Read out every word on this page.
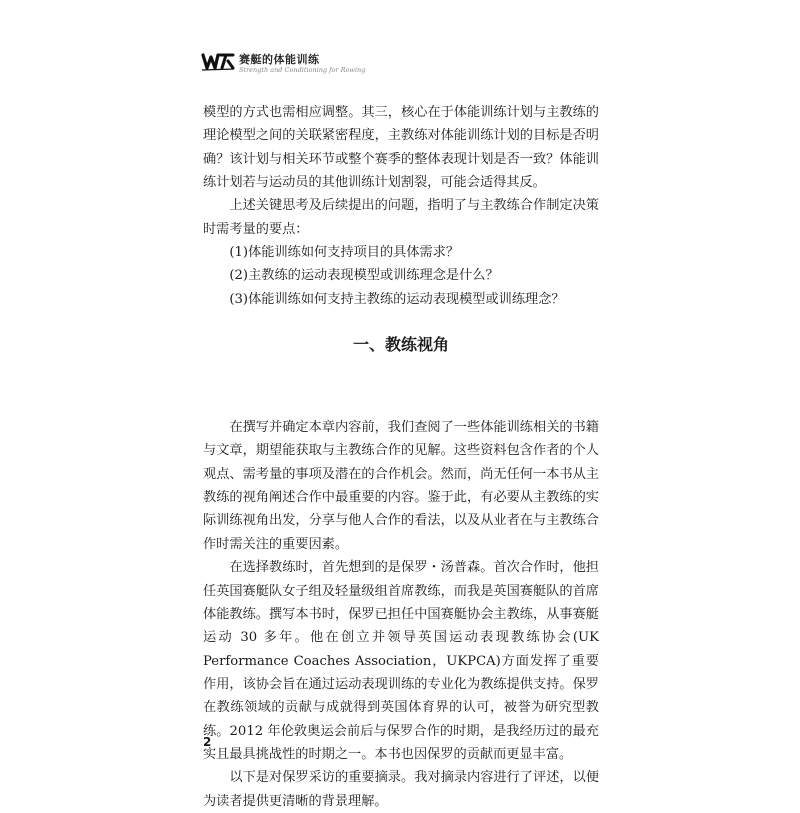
赛艇的体能训练
Strength and Conditioning for Rowing

模型的方式也需相应调整。其三，核心在于体能训练计划与主教练的理论模型之间的关联紧密程度，主教练对体能训练计划的目标是否明确？该计划与相关环节或整个赛季的整体表现计划是否一致？体能训练计划若与运动员的其他训练计划割裂，可能会适得其反。

上述关键思考及后续提出的问题，指明了与主教练合作制定决策时需考量的要点：

(1)体能训练如何支持项目的具体需求？

(2)主教练的运动表现模型或训练理念是什么？

(3)体能训练如何支持主教练的运动表现模型或训练理念？

一、教练视角

在撰写并确定本章内容前，我们查阅了一些体能训练相关的书籍与文章，期望能获取与主教练合作的见解。这些资料包含作者的个人观点、需考量的事项及潜在的合作机会。然而，尚无任何一本书从主教练的视角阐述合作中最重要的内容。鉴于此，有必要从主教练的实际训练视角出发，分享与他人合作的看法，以及从业者在与主教练合作时需关注的重要因素。

在选择教练时，首先想到的是保罗・汤普森。首次合作时，他担任英国赛艇队女子组及轻量级组首席教练，而我是英国赛艇队的首席体能教练。撰写本书时，保罗已担任中国赛艇协会主教练，从事赛艇运动 30 多年。他在创立并领导英国运动表现教练协会(UK Performance Coaches Association，UKPCA)方面发挥了重要作用，该协会旨在通过运动表现训练的专业化为教练提供支持。保罗在教练领域的贡献与成就得到英国体育界的认可，被誉为研究型教练。2012 年伦敦奥运会前后与保罗合作的时期，是我经历过的最充实且最具挑战性的时期之一。本书也因保罗的贡献而更显丰富。

以下是对保罗采访的重要摘录。我对摘录内容进行了评述，以便为读者提供更清晰的背景理解。

2
